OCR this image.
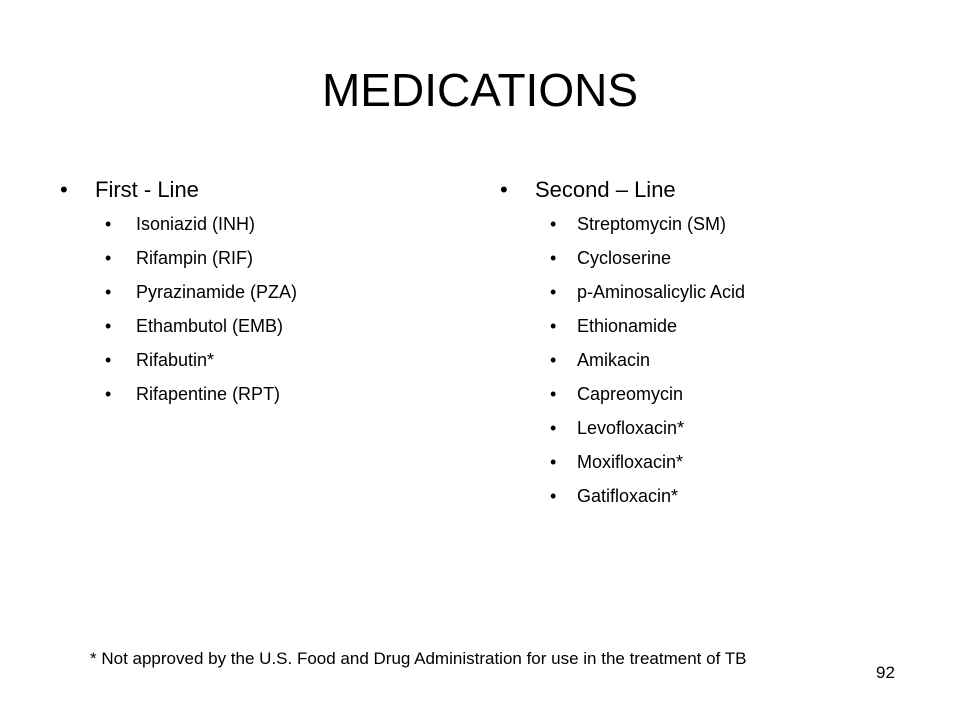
MEDICATIONS
•	First - Line
•	Isoniazid (INH)
•	Rifampin (RIF)
•	Pyrazinamide (PZA)
•	Ethambutol (EMB)
•	Rifabutin*
•	Rifapentine (RPT)
•	Second – Line
•	Streptomycin (SM)
•	Cycloserine
•	p-Aminosalicylic Acid
•	Ethionamide
•	Amikacin
•	Capreomycin
•	Levofloxacin*
•	Moxifloxacin*
•	Gatifloxacin*

* Not approved by the U.S. Food and Drug Administration for use in the treatment of TB

92
